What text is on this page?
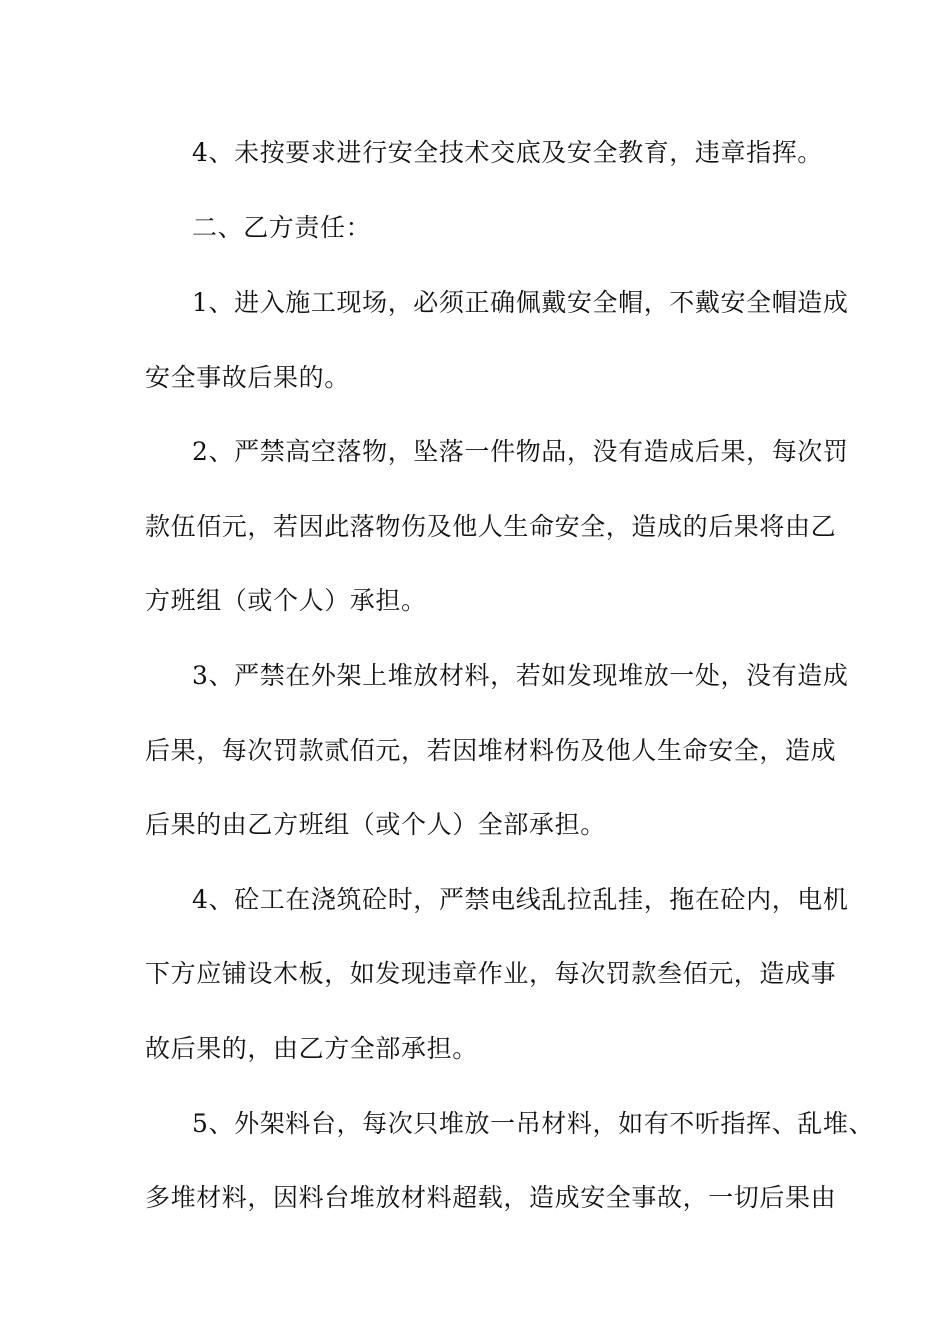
4、未按要求进行安全技术交底及安全教育，违章指挥。
二、乙方责任：
1、进入施工现场，必须正确佩戴安全帽，不戴安全帽造成
安全事故后果的。
2、严禁高空落物，坠落一件物品，没有造成后果，每次罚
款伍佰元，若因此落物伤及他人生命安全，造成的后果将由乙
方班组（或个人）承担。
3、严禁在外架上堆放材料，若如发现堆放一处，没有造成
后果，每次罚款贰佰元，若因堆材料伤及他人生命安全，造成
后果的由乙方班组（或个人）全部承担。
4、砼工在浇筑砼时，严禁电线乱拉乱挂，拖在砼内，电机
下方应铺设木板，如发现违章作业，每次罚款叁佰元，造成事
故后果的，由乙方全部承担。
5、外架料台，每次只堆放一吊材料，如有不听指挥、乱堆、
多堆材料，因料台堆放材料超载，造成安全事故，一切后果由
